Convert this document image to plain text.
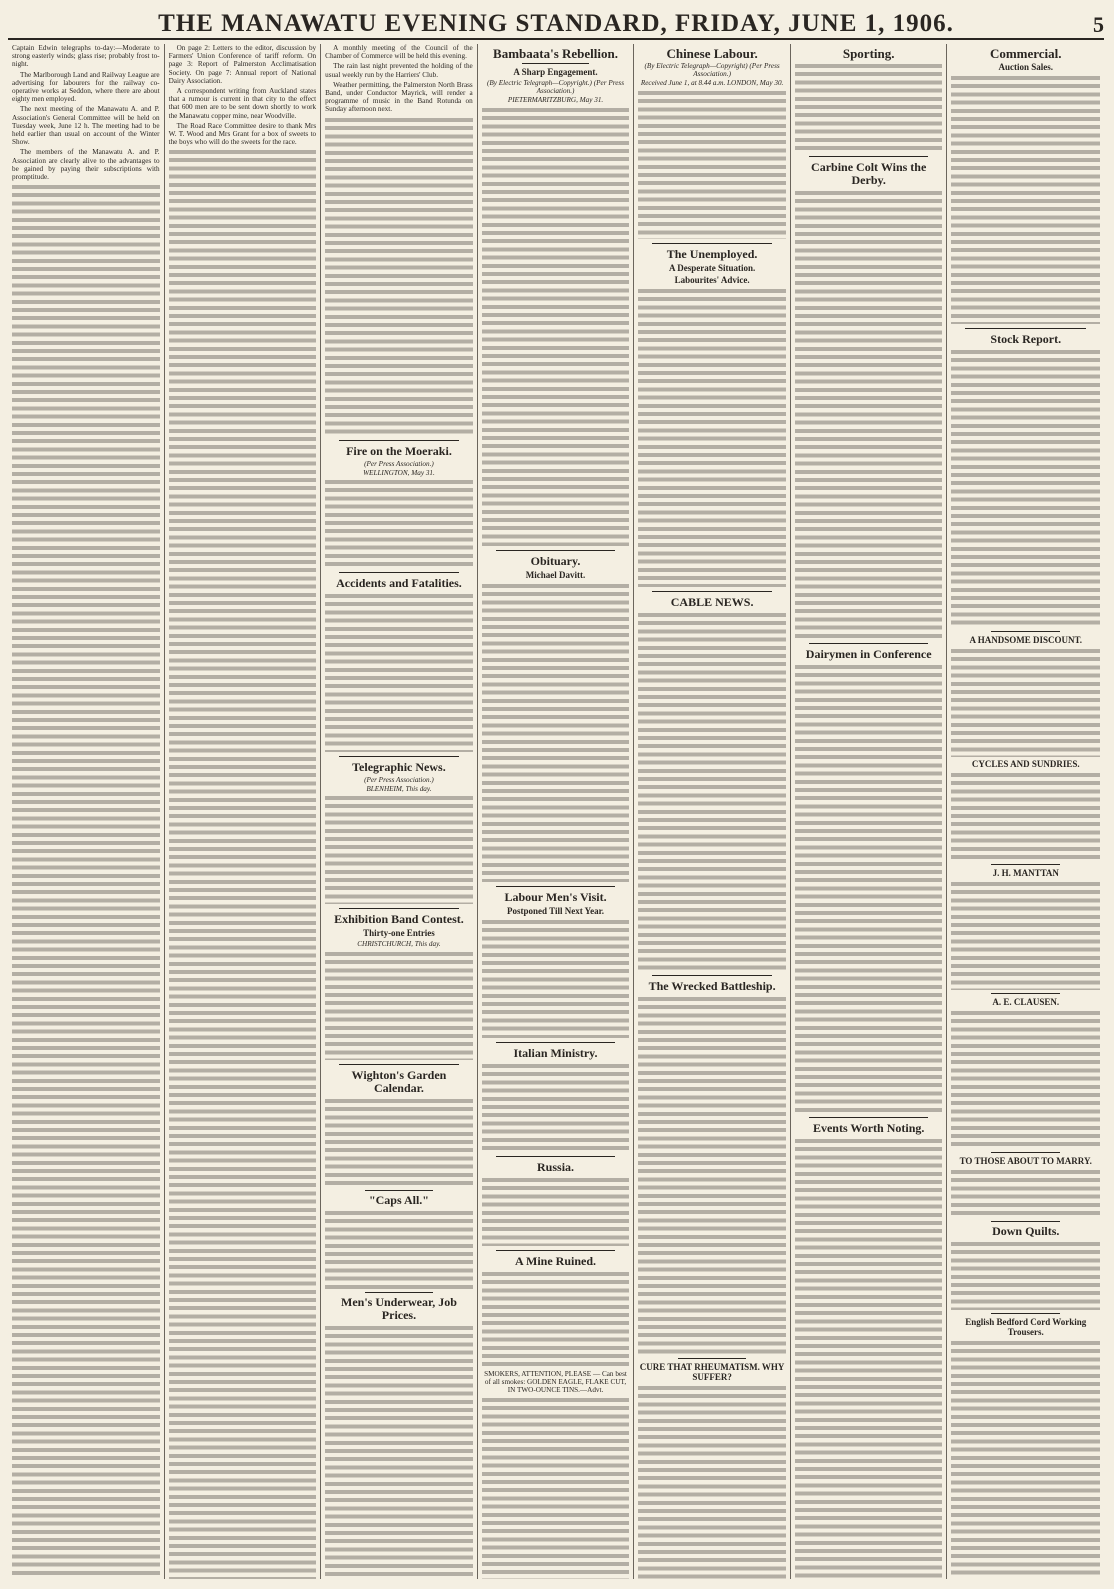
THE MANAWATU EVENING STANDARD, FRIDAY, JUNE 1, 1906.	5

Captain Edwin telegraphs to-day:—Moderate to strong easterly winds; glass rise; probably frost to-night.

The Marlborough Land and Railway League are advertising for labourers for the railway co-operative works at Seddon, where there are about eighty men employed.

The next meeting of the Manawatu A. and P. Association's General Committee will be held on Tuesday week, June 12 h. The meeting had to be held earlier than usual on account of the Winter Show.

The members of the Manawatu A. and P. Association are clearly alive to the advantages to be gained by paying their subscriptions with promptitude.

On page 2: Letters to the editor, discussion by Farmers' Union Conference of tariff reform. On page 3: Report of Palmerston Acclimatisation Society. On page 7: Annual report of National Dairy Association.

A correspondent writing from Auckland states that a rumour is current in that city to the effect that 600 men are to be sent down shortly to work the Manawatu copper mine, near Woodville.

The Road Race Committee desire to thank Mrs W. T. Wood and Mrs Grant for a box of sweets to the boys who will do the sweets for the race.

A monthly meeting of the Council of the Chamber of Commerce will be held this evening.

The rain last night prevented the holding of the usual weekly run by the Harriers' Club.

Weather permitting, the Palmerston North Brass Band, under Conductor Mayrick, will render a programme of music in the Band Rotunda on Sunday afternoon next.

Fire on the Moeraki.
(Per Press Association.)
WELLINGTON, May 31.
Accidents and Fatalities.
Telegraphic News.
(Per Press Association.)
BLENHEIM, This day.
Exhibition Band Contest.
Thirty-one Entries
CHRISTCHURCH, This day.
Wighton's Garden Calendar.
"Caps All."
Men's Underwear, Job Prices.
Bambaata's Rebellion.
A Sharp Engagement.
(By Electric Telegraph—Copyright.) (Per Press Association.)
PIETERMARITZBURG, May 31.
Obituary.
Michael Davitt.
Labour Men's Visit.
Postponed Till Next Year.
Italian Ministry.
Russia.
A Mine Ruined.

SMOKERS, ATTENTION, PLEASE — Can best of all smokes: GOLDEN EAGLE, FLAKE CUT, IN TWO-OUNCE TINS.—Advt.

Chinese Labour.
(By Electric Telegraph—Copyright) (Per Press Association.)
Received June 1, at 8.44 a.m. LONDON, May 30.
The Unemployed.
A Desperate Situation.
Labourites' Advice.
CABLE NEWS.
The Wrecked Battleship.
CURE THAT RHEUMATISM. WHY SUFFER?
Sporting.
Carbine Colt Wins the Derby.
Dairymen in Conference
Events Worth Noting.
Commercial.
Auction Sales.
Stock Report.
A HANDSOME DISCOUNT.
CYCLES AND SUNDRIES.
J. H. MANTTAN
A. E. CLAUSEN.
TO THOSE ABOUT TO MARRY.
Down Quilts.
English Bedford Cord Working Trousers.
